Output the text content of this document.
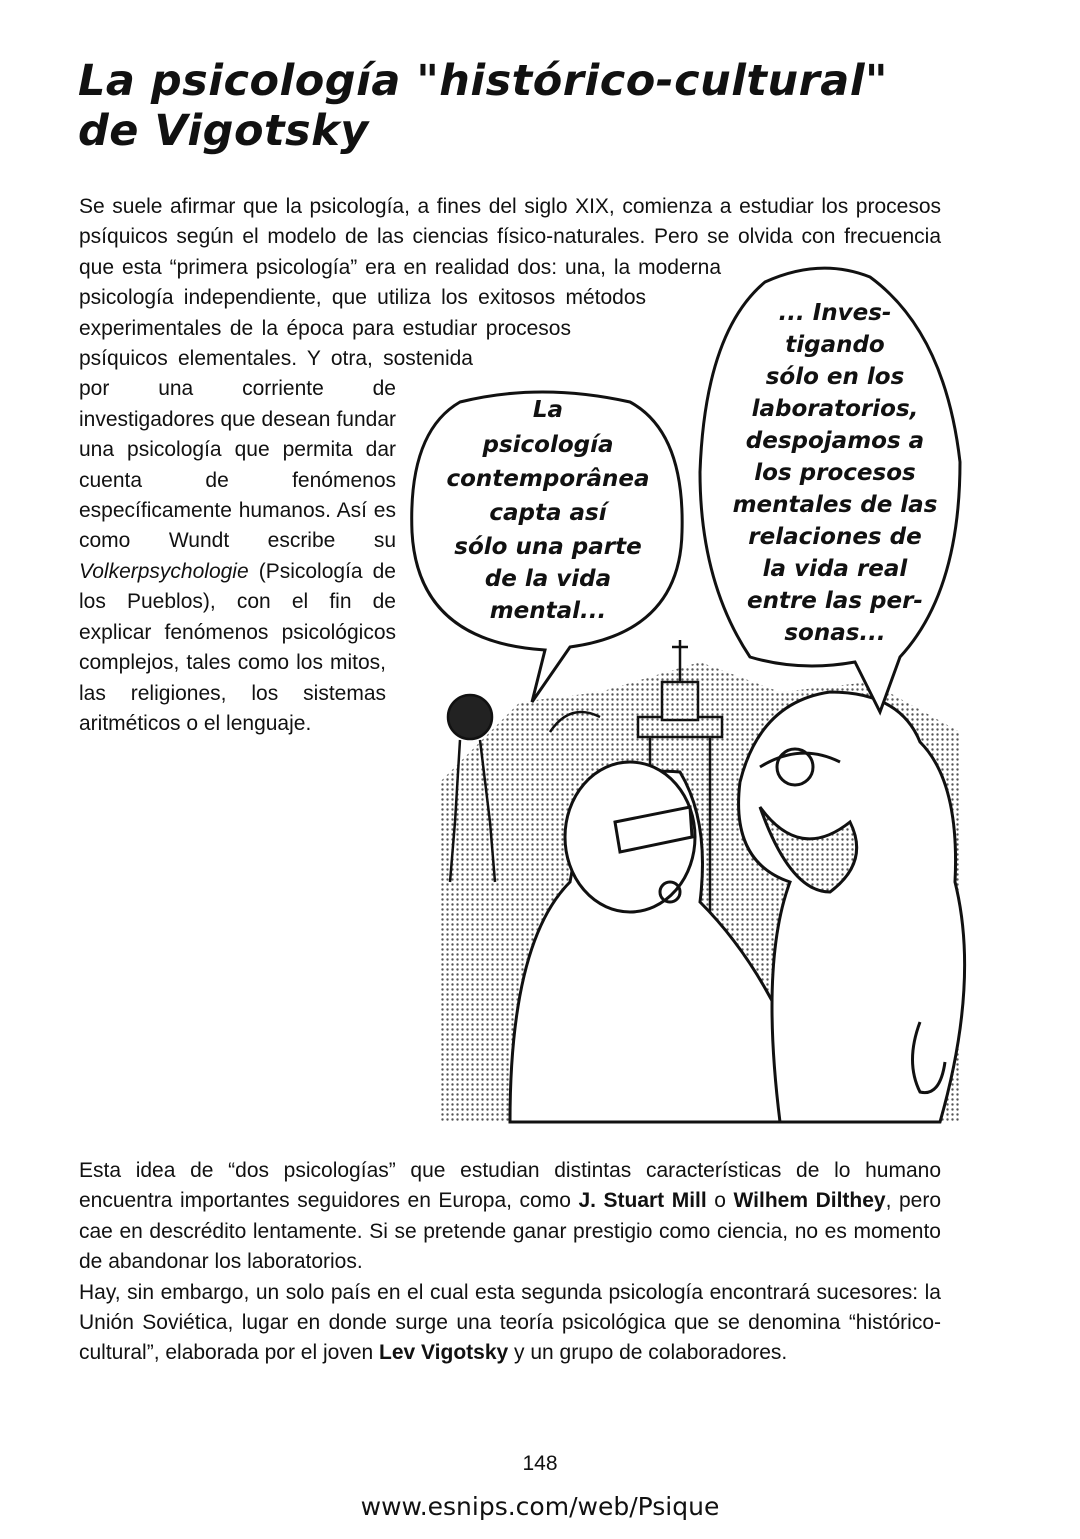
La psicología "histórico-cultural"
de Vigotsky

Se suele afirmar que la psicología, a fines del siglo XIX, comienza a estudiar los procesos psíquicos según el modelo de las ciencias físico-naturales. Pero se olvida con frecuencia que esta “primera psicología” era en realidad dos: una, la moderna psicología independiente, que utiliza los exitosos métodos experimentales de la época para estudiar procesos psíquicos elementales. Y otra, sostenida por una corriente de investigadores que desean fundar una psicología que permita dar cuenta de fenómenos específicamente humanos. Así es como Wundt escribe su Volkerpsychologie (Psicología de los Pueblos), con el fin de explicar fenómenos psicológicos complejos, tales como los mitos, las religiones, los sistemas aritméticos o el lenguaje.

La
psicología
contemporânea
capta así
sólo una parte
de la vida
mental...
... Inves-
tigando
sólo en los
laboratorios,
despojamos a
los procesos
mentales de las
relaciones de
la vida real
entre las per-
sonas...

Esta idea de “dos psicologías” que estudian distintas características de lo humano encuentra importantes seguidores en Europa, como J. Stuart Mill o Wilhem Dilthey, pero cae en descrédito lentamente. Si se pretende ganar prestigio como ciencia, no es momento de abandonar los laboratorios.

Hay, sin embargo, un solo país en el cual esta segunda psicología encontrará sucesores: la Unión Soviética, lugar en donde surge una teoría psicológica que se denomina “histórico-cultural”, elaborada por el joven Lev Vigotsky y un grupo de colaboradores.

148
www.esnips.com/web/Psique
